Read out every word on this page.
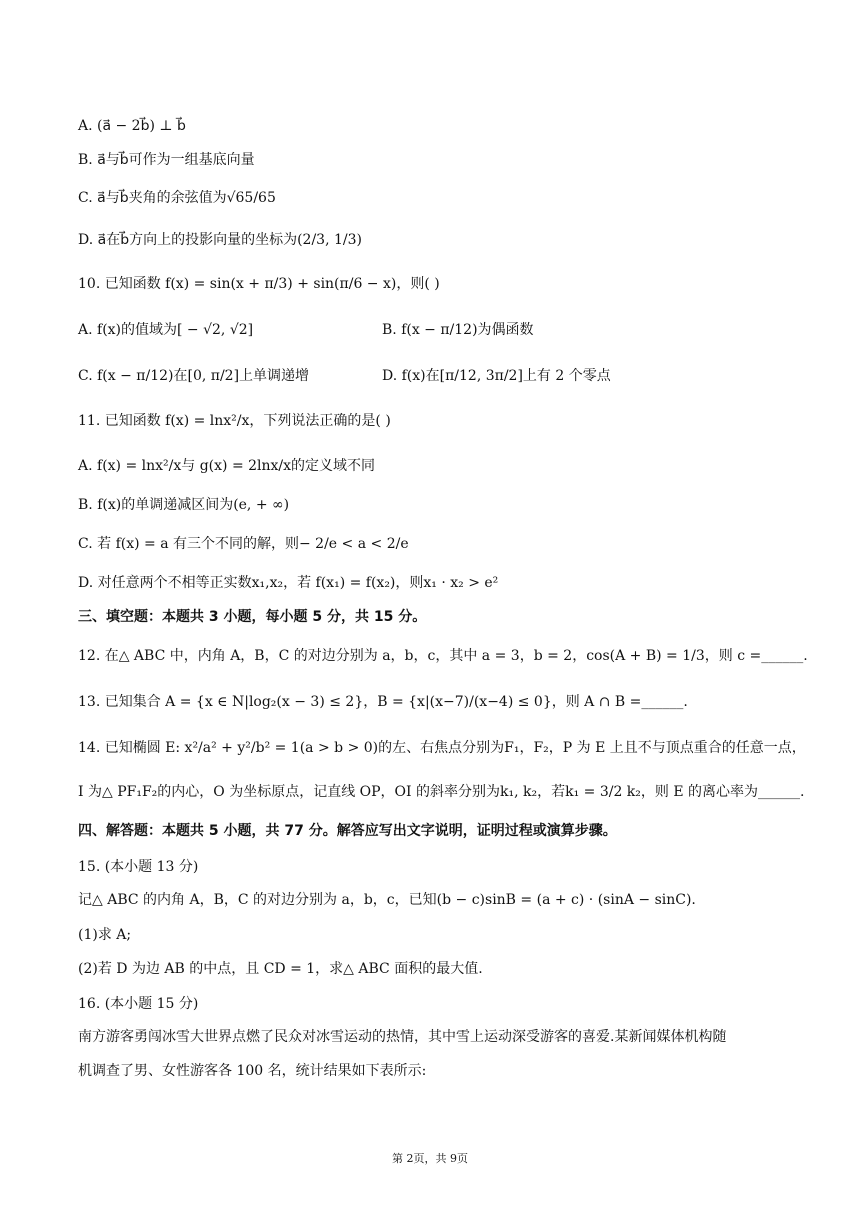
A. (a⃗ − 2b⃗) ⊥ b⃗
B. a⃗与b⃗可作为一组基底向量
C. a⃗与b⃗夹角的余弦值为√65/65
D. a⃗在b⃗方向上的投影向量的坐标为(2/3, 1/3)
10. 已知函数 f(x) = sin(x + π/3) + sin(π/6 − x)，则( )
A. f(x)的值域为[ − √2, √2]	B. f(x − π/12)为偶函数
C. f(x − π/12)在[0, π/2]上单调递增	D. f(x)在[π/12, 3π/2]上有 2 个零点
11. 已知函数 f(x) = lnx²/x，下列说法正确的是( )
A. f(x) = lnx²/x与 g(x) = 2lnx/x的定义域不同
B. f(x)的单调递减区间为(e, + ∞)
C. 若 f(x) = a 有三个不同的解，则− 2/e < a < 2/e
D. 对任意两个不相等正实数x₁,x₂，若 f(x₁) = f(x₂)，则x₁ · x₂ > e²
三、填空题：本题共 3 小题，每小题 5 分，共 15 分。
12. 在△ ABC 中，内角 A，B，C 的对边分别为 a，b，c，其中 a = 3，b = 2，cos(A + B) = 1/3，则 c =______.
13. 已知集合 A = {x ∈ N|log₂(x − 3) ≤ 2}，B = {x|(x−7)/(x−4) ≤ 0}，则 A ∩ B =______.
14. 已知椭圆 E: x²/a² + y²/b² = 1(a > b > 0)的左、右焦点分别为F₁，F₂，P 为 E 上且不与顶点重合的任意一点，
I 为△ PF₁F₂的内心，O 为坐标原点，记直线 OP，OI 的斜率分别为k₁, k₂，若k₁ = 3/2 k₂，则 E 的离心率为______.
四、解答题：本题共 5 小题，共 77 分。解答应写出文字说明，证明过程或演算步骤。
15. (本小题 13 分)
记△ ABC 的内角 A，B，C 的对边分别为 a，b，c，已知(b − c)sinB = (a + c) · (sinA − sinC).
(1)求 A;
(2)若 D 为边 AB 的中点，且 CD = 1，求△ ABC 面积的最大值.
16. (本小题 15 分)
南方游客勇闯冰雪大世界点燃了民众对冰雪运动的热情，其中雪上运动深受游客的喜爱.某新闻媒体机构随
机调查了男、女性游客各 100 名，统计结果如下表所示:
第 2页，共 9页
